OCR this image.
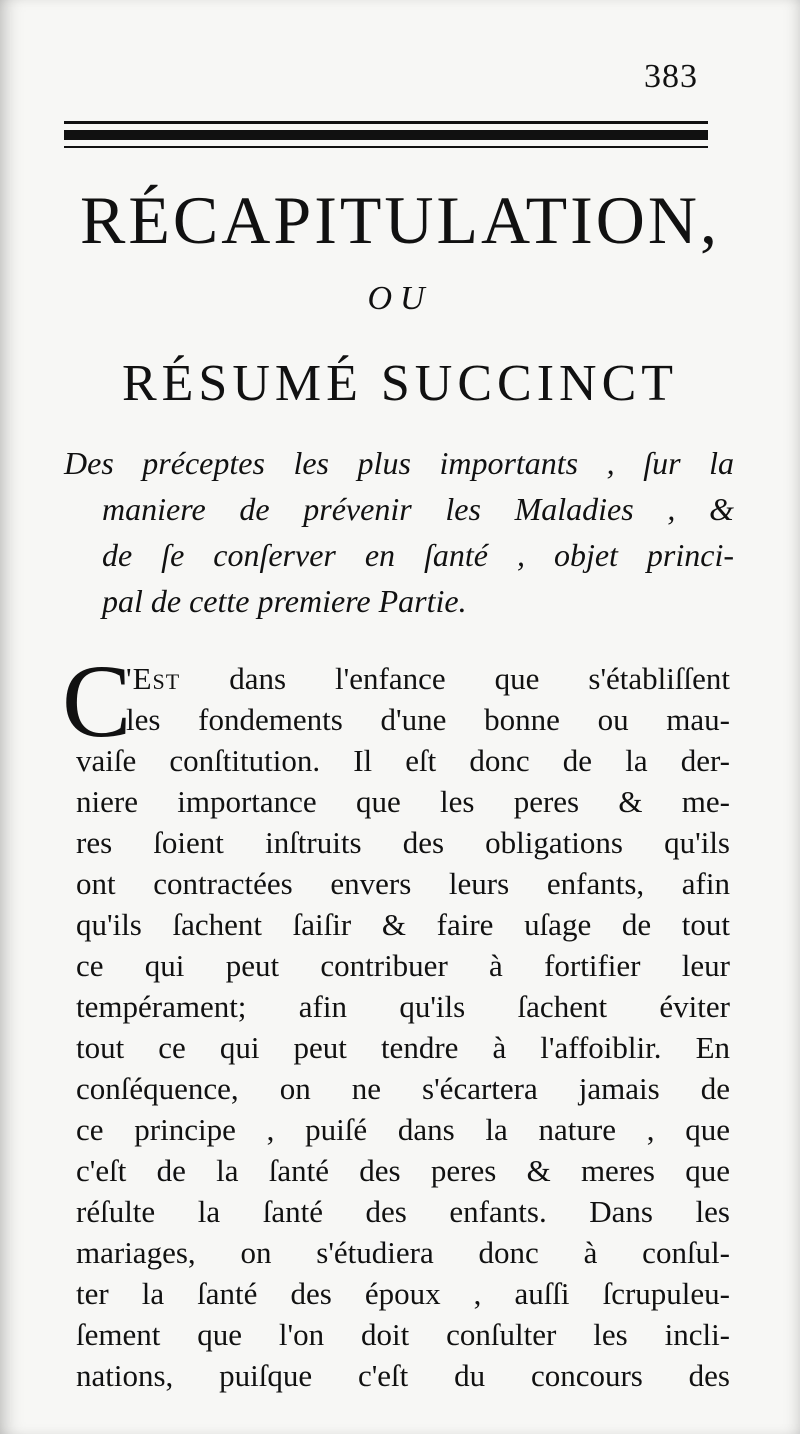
383
RÉCAPITULATION,
OU
RÉSUMÉ SUCCINCT
Des préceptes les plus importants , ſur la
maniere de prévenir les Maladies , &
de ſe conſerver en ſanté , objet princi-
pal de cette premiere Partie.
C
'Est dans l'enfance que s'établiſſent
les fondements d'une bonne ou mau-
vaiſe conſtitution. Il eſt donc de la der-
niere importance que les peres & me-
res ſoient inſtruits des obligations qu'ils
ont contractées envers leurs enfants, afin
qu'ils ſachent ſaiſir & faire uſage de tout
ce qui peut contribuer à fortifier leur
tempérament; afin qu'ils ſachent éviter
tout ce qui peut tendre à l'affoiblir. En
conſéquence, on ne s'écartera jamais de
ce principe , puiſé dans la nature , que
c'eſt de la ſanté des peres & meres que
réſulte la ſanté des enfants. Dans les
mariages, on s'étudiera donc à conſul-
ter la ſanté des époux , auſſi ſcrupuleu-
ſement que l'on doit conſulter les incli-
nations, puiſque c'eſt du concours des
